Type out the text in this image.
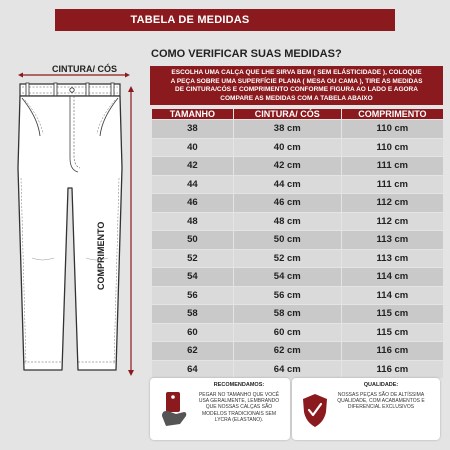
TABELA DE MEDIDAS
CINTURA/ CÓS
COMPRIMENTO
COMO VERIFICAR SUAS MEDIDAS?
ESCOLHA UMA CALÇA QUE LHE SIRVA BEM ( SEM ELÁSTICIDADE ), COLOQUE
A PEÇA SOBRE UMA SUPERFÍCIE PLANA ( MESA OU CAMA ), TIRE AS MEDIDAS
DE CINTURA/CÓS E COMPRIMENTO CONFORME FIGURA AO LADO E AGORA
COMPARE AS MEDIDAS COM A TABELA ABAIXO
TAMANHO	CINTURA/ CÓS	COMPRIMENTO
38	38 cm	110 cm
40	40 cm	110 cm
42	42 cm	111 cm
44	44 cm	111 cm
46	46 cm	112 cm
48	48 cm	112 cm
50	50 cm	113 cm
52	52 cm	113 cm
54	54 cm	114 cm
56	56 cm	114 cm
58	58 cm	115 cm
60	60 cm	115 cm
62	62 cm	116 cm
64	64 cm	116 cm
RECOMENDAMOS:
PEGAR NO TAMANHO QUE VOCÊ USA GERALMENTE, LEMBRANDO QUE NOSSAS CALÇAS SÃO MODELOS TRADICIONAIS SEM LYCRA (ELASTANO).
QUALIDADE:
NOSSAS PEÇAS SÃO DE ALTÍSSIMA QUALIDADE, COM ACABAMENTOS E DIFERENCIAL EXCLUSIVOS
